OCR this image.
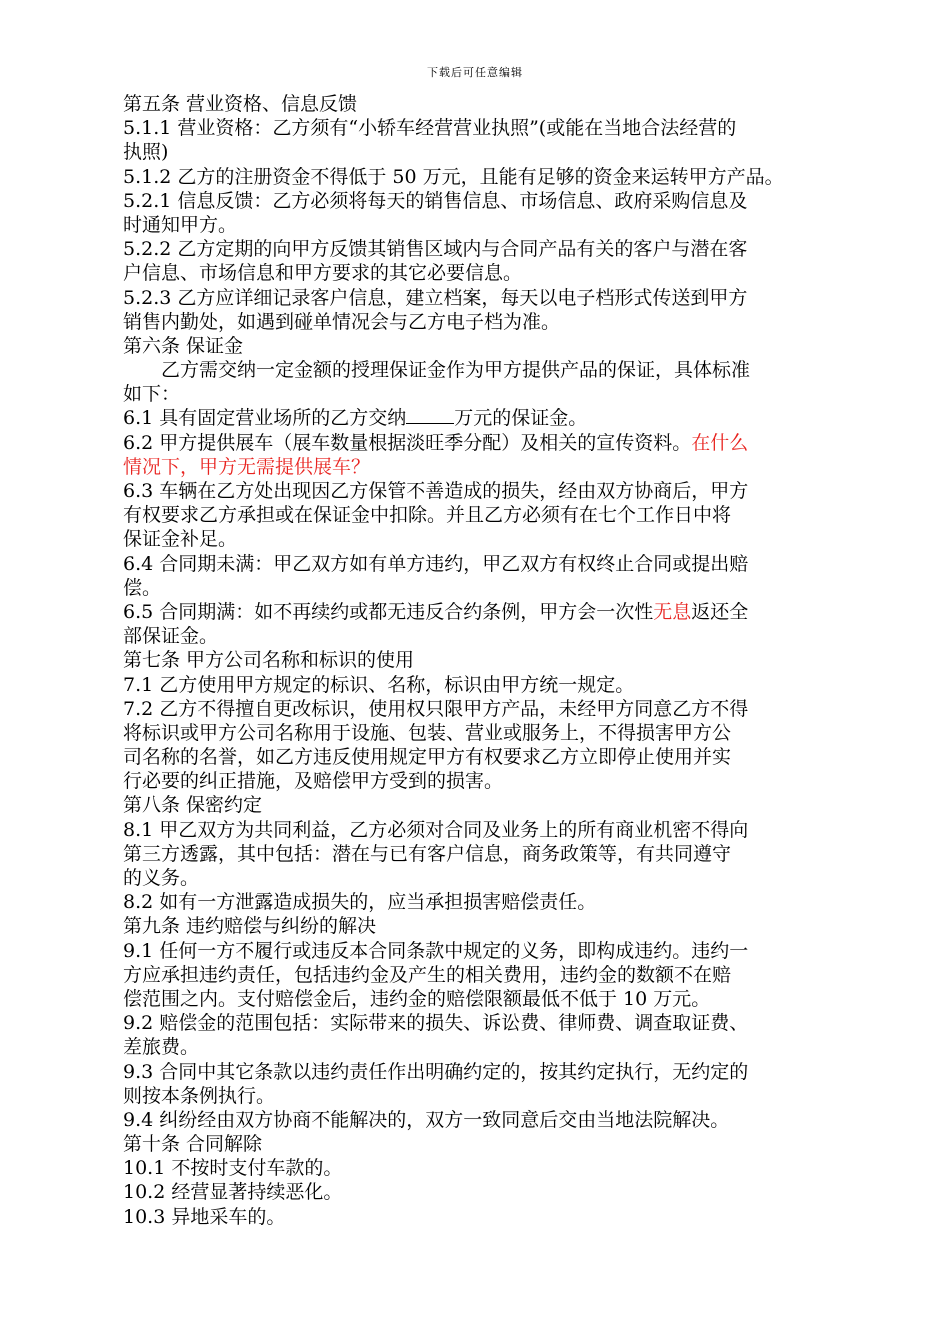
下载后可任意编辑
第五条 营业资格、信息反馈
5.1.1 营业资格：乙方须有“小轿车经营营业执照”(或能在当地合法经营的
执照)
5.1.2 乙方的注册资金不得低于 50 万元，且能有足够的资金来运转甲方产品。
5.2.1 信息反馈：乙方必须将每天的销售信息、市场信息、政府采购信息及
时通知甲方。
5.2.2 乙方定期的向甲方反馈其销售区域内与合同产品有关的客户与潜在客
户信息、市场信息和甲方要求的其它必要信息。
5.2.3 乙方应详细记录客户信息，建立档案，每天以电子档形式传送到甲方
销售内勤处，如遇到碰单情况会与乙方电子档为准。
第六条 保证金
乙方需交纳一定金额的授理保证金作为甲方提供产品的保证，具体标准
如下：
6.1 具有固定营业场所的乙方交纳	万元的保证金。
6.2 甲方提供展车（展车数量根据淡旺季分配）及相关的宣传资料。在什么
情况下，甲方无需提供展车？
6.3 车辆在乙方处出现因乙方保管不善造成的损失，经由双方协商后，甲方
有权要求乙方承担或在保证金中扣除。并且乙方必须有在七个工作日中将
保证金补足。
6.4 合同期未满：甲乙双方如有单方违约，甲乙双方有权终止合同或提出赔
偿。
6.5 合同期满：如不再续约或都无违反合约条例，甲方会一次性无息返还全
部保证金。
第七条 甲方公司名称和标识的使用
7.1 乙方使用甲方规定的标识、名称，标识由甲方统一规定。
7.2 乙方不得擅自更改标识，使用权只限甲方产品，未经甲方同意乙方不得
将标识或甲方公司名称用于设施、包装、营业或服务上，不得损害甲方公
司名称的名誉，如乙方违反使用规定甲方有权要求乙方立即停止使用并实
行必要的纠正措施，及赔偿甲方受到的损害。
第八条 保密约定
8.1 甲乙双方为共同利益，乙方必须对合同及业务上的所有商业机密不得向
第三方透露，其中包括：潜在与已有客户信息，商务政策等，有共同遵守
的义务。
8.2 如有一方泄露造成损失的，应当承担损害赔偿责任。
第九条 违约赔偿与纠纷的解决
9.1 任何一方不履行或违反本合同条款中规定的义务，即构成违约。违约一
方应承担违约责任，包括违约金及产生的相关费用，违约金的数额不在赔
偿范围之内。支付赔偿金后，违约金的赔偿限额最低不低于 10 万元。
9.2 赔偿金的范围包括：实际带来的损失、诉讼费、律师费、调查取证费、
差旅费。
9.3 合同中其它条款以违约责任作出明确约定的，按其约定执行，无约定的
则按本条例执行。
9.4 纠纷经由双方协商不能解决的，双方一致同意后交由当地法院解决。
第十条 合同解除
10.1 不按时支付车款的。
10.2 经营显著持续恶化。
10.3 异地采车的。
